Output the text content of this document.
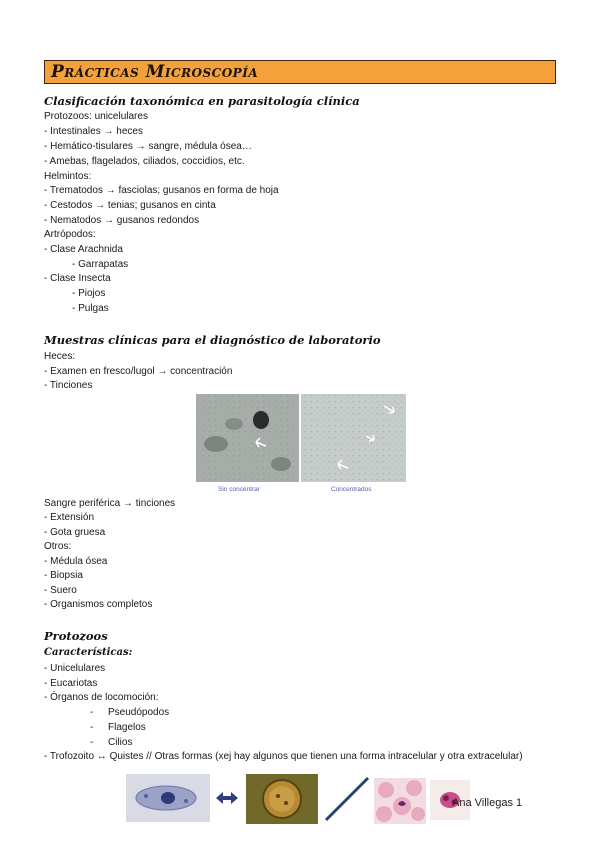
Prácticas Microscopía
Clasificación taxonómica en parasitología clínica
Protozoos: unicelulares
- Intestinales → heces
- Hemático-tisulares → sangre, médula ósea…
- Amebas, flagelados, ciliados, coccidios, etc.
Helmintos:
- Trematodos → fasciolas; gusanos en forma de hoja
- Cestodos → tenias; gusanos en cinta
- Nematodos → gusanos redondos
Artrópodos:
- Clase Arachnida
- Garrapatas
- Clase Insecta
- Piojos
- Pulgas
Muestras clínicas para el diagnóstico de laboratorio
Heces:
- Examen en fresco/lugol → concentración
- Tinciones
Sin concentrar	Concentrados
Sangre periférica → tinciones
- Extensión
- Gota gruesa
Otros:
- Médula ósea
- Biopsia
- Suero
- Organismos completos
Protozoos
Características:
- Unicelulares
- Eucariotas
- Órganos de locomoción:
- Pseudópodos
- Flagelos
- Cilios
- Trofozoito ↔ Quistes // Otras formas (xej hay algunos que tienen una forma intracelular y otra extracelular)
Ana Villegas 1
